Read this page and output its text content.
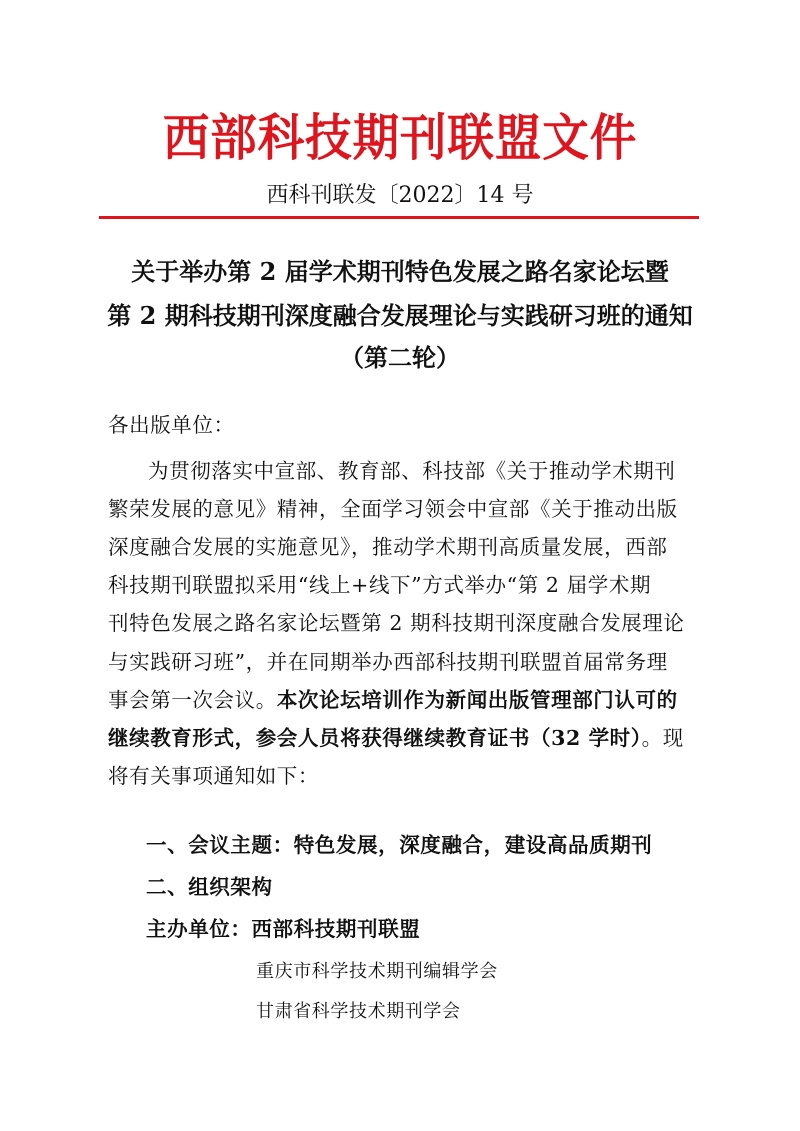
西部科技期刊联盟文件
西科刊联发〔2022〕14 号
关于举办第 2 届学术期刊特色发展之路名家论坛暨
第 2 期科技期刊深度融合发展理论与实践研习班的通知
（第二轮）
各出版单位：
为贯彻落实中宣部、教育部、科技部《关于推动学术期刊
繁荣发展的意见》精神，全面学习领会中宣部《关于推动出版
深度融合发展的实施意见》，推动学术期刊高质量发展，西部
科技期刊联盟拟采用“线上+线下”方式举办“第 2 届学术期
刊特色发展之路名家论坛暨第 2 期科技期刊深度融合发展理论
与实践研习班”，并在同期举办西部科技期刊联盟首届常务理
事会第一次会议。本次论坛培训作为新闻出版管理部门认可的
继续教育形式，参会人员将获得继续教育证书（32 学时）。现
将有关事项通知如下：
一、会议主题：特色发展，深度融合，建设高品质期刊
二、组织架构
主办单位：西部科技期刊联盟
重庆市科学技术期刊编辑学会
甘肃省科学技术期刊学会
